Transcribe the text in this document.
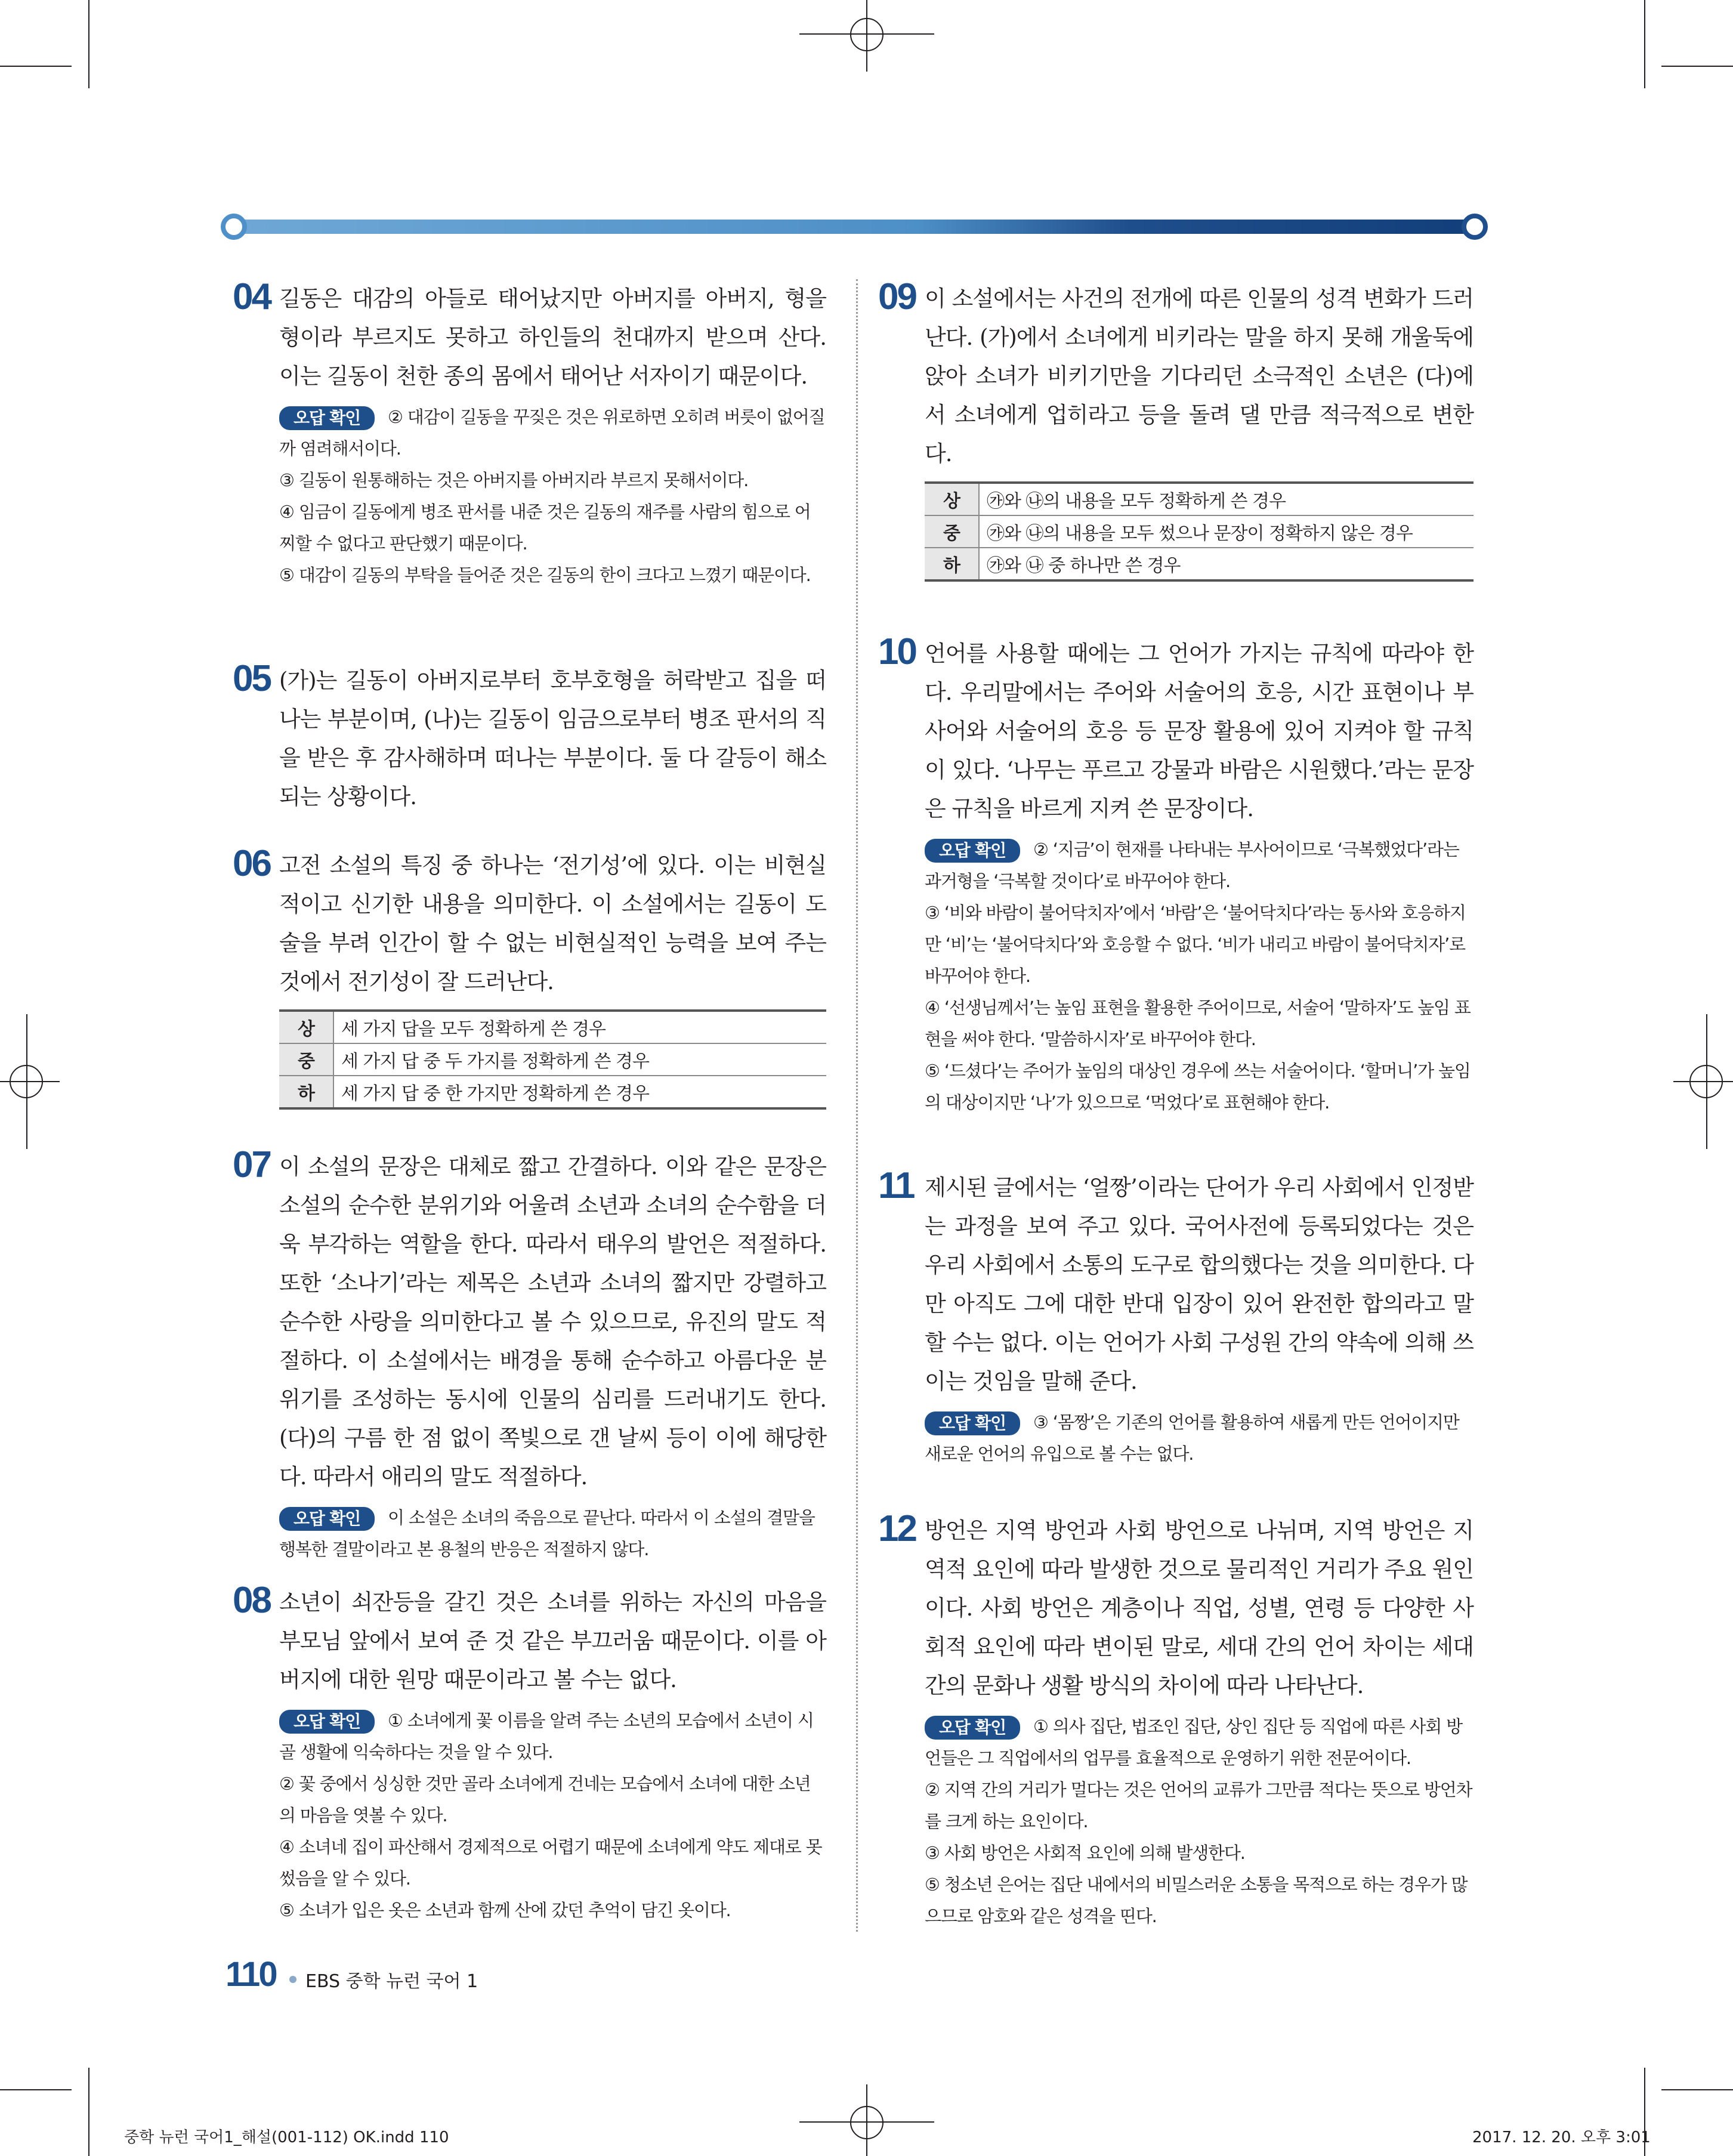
04 길동은 대감의 아들로 태어났지만 아버지를 아버지, 형을 형이라 부르지도 못하고 하인들의 천대까지 받으며 산다. 이는 길동이 천한 종의 몸에서 태어난 서자이기 때문이다.

오답 확인 ② 대감이 길동을 꾸짖은 것은 위로하면 오히려 버릇이 없어질까 염려해서이다.

③ 길동이 원통해하는 것은 아버지를 아버지라 부르지 못해서이다.

④ 임금이 길동에게 병조 판서를 내준 것은 길동의 재주를 사람의 힘으로 어찌할 수 없다고 판단했기 때문이다.

⑤ 대감이 길동의 부탁을 들어준 것은 길동의 한이 크다고 느꼈기 때문이다.

05 (가)는 길동이 아버지로부터 호부호형을 허락받고 집을 떠나는 부분이며, (나)는 길동이 임금으로부터 병조 판서의 직을 받은 후 감사해하며 떠나는 부분이다. 둘 다 갈등이 해소되는 상황이다.
06 고전 소설의 특징 중 하나는 ‘전기성’에 있다. 이는 비현실적이고 신기한 내용을 의미한다. 이 소설에서는 길동이 도술을 부려 인간이 할 수 없는 비현실적인 능력을 보여 주는 것에서 전기성이 잘 드러난다.
상	세 가지 답을 모두 정확하게 쓴 경우
중	세 가지 답 중 두 가지를 정확하게 쓴 경우
하	세 가지 답 중 한 가지만 정확하게 쓴 경우
07 이 소설의 문장은 대체로 짧고 간결하다. 이와 같은 문장은 소설의 순수한 분위기와 어울려 소년과 소녀의 순수함을 더욱 부각하는 역할을 한다. 따라서 태우의 발언은 적절하다. 또한 ‘소나기’라는 제목은 소년과 소녀의 짧지만 강렬하고 순수한 사랑을 의미한다고 볼 수 있으므로, 유진의 말도 적절하다. 이 소설에서는 배경을 통해 순수하고 아름다운 분위기를 조성하는 동시에 인물의 심리를 드러내기도 한다. (다)의 구름 한 점 없이 쪽빛으로 갠 날씨 등이 이에 해당한다. 따라서 애리의 말도 적절하다.

오답 확인 이 소설은 소녀의 죽음으로 끝난다. 따라서 이 소설의 결말을 행복한 결말이라고 본 용철의 반응은 적절하지 않다.

08 소년이 쇠잔등을 갈긴 것은 소녀를 위하는 자신의 마음을 부모님 앞에서 보여 준 것 같은 부끄러움 때문이다. 이를 아버지에 대한 원망 때문이라고 볼 수는 없다.

오답 확인 ① 소녀에게 꽃 이름을 알려 주는 소년의 모습에서 소년이 시골 생활에 익숙하다는 것을 알 수 있다.

② 꽃 중에서 싱싱한 것만 골라 소녀에게 건네는 모습에서 소녀에 대한 소년의 마음을 엿볼 수 있다.

④ 소녀네 집이 파산해서 경제적으로 어렵기 때문에 소녀에게 약도 제대로 못 썼음을 알 수 있다.

⑤ 소녀가 입은 옷은 소년과 함께 산에 갔던 추억이 담긴 옷이다.

09 이 소설에서는 사건의 전개에 따른 인물의 성격 변화가 드러난다. (가)에서 소녀에게 비키라는 말을 하지 못해 개울둑에 앉아 소녀가 비키기만을 기다리던 소극적인 소년은 (다)에서 소녀에게 업히라고 등을 돌려 댈 만큼 적극적으로 변한다.
상	㉮와 ㉯의 내용을 모두 정확하게 쓴 경우
중	㉮와 ㉯의 내용을 모두 썼으나 문장이 정확하지 않은 경우
하	㉮와 ㉯ 중 하나만 쓴 경우
10 언어를 사용할 때에는 그 언어가 가지는 규칙에 따라야 한다. 우리말에서는 주어와 서술어의 호응, 시간 표현이나 부사어와 서술어의 호응 등 문장 활용에 있어 지켜야 할 규칙이 있다. ‘나무는 푸르고 강물과 바람은 시원했다.’라는 문장은 규칙을 바르게 지켜 쓴 문장이다.

오답 확인 ② ‘지금’이 현재를 나타내는 부사어이므로 ‘극복했었다’라는 과거형을 ‘극복할 것이다’로 바꾸어야 한다.

③ ‘비와 바람이 불어닥치자’에서 ‘바람’은 ‘불어닥치다’라는 동사와 호응하지만 ‘비’는 ‘불어닥치다’와 호응할 수 없다. ‘비가 내리고 바람이 불어닥치자’로 바꾸어야 한다.

④ ‘선생님께서’는 높임 표현을 활용한 주어이므로, 서술어 ‘말하자’도 높임 표현을 써야 한다. ‘말씀하시자’로 바꾸어야 한다.

⑤ ‘드셨다’는 주어가 높임의 대상인 경우에 쓰는 서술어이다. ‘할머니’가 높임의 대상이지만 ‘나’가 있으므로 ‘먹었다’로 표현해야 한다.

11 제시된 글에서는 ‘얼짱’이라는 단어가 우리 사회에서 인정받는 과정을 보여 주고 있다. 국어사전에 등록되었다는 것은 우리 사회에서 소통의 도구로 합의했다는 것을 의미한다. 다만 아직도 그에 대한 반대 입장이 있어 완전한 합의라고 말할 수는 없다. 이는 언어가 사회 구성원 간의 약속에 의해 쓰이는 것임을 말해 준다.

오답 확인 ③ ‘몸짱’은 기존의 언어를 활용하여 새롭게 만든 언어이지만 새로운 언어의 유입으로 볼 수는 없다.

12 방언은 지역 방언과 사회 방언으로 나뉘며, 지역 방언은 지역적 요인에 따라 발생한 것으로 물리적인 거리가 주요 원인이다. 사회 방언은 계층이나 직업, 성별, 연령 등 다양한 사회적 요인에 따라 변이된 말로, 세대 간의 언어 차이는 세대 간의 문화나 생활 방식의 차이에 따라 나타난다.

오답 확인 ① 의사 집단, 법조인 집단, 상인 집단 등 직업에 따른 사회 방언들은 그 직업에서의 업무를 효율적으로 운영하기 위한 전문어이다.

② 지역 간의 거리가 멀다는 것은 언어의 교류가 그만큼 적다는 뜻으로 방언차를 크게 하는 요인이다.

③ 사회 방언은 사회적 요인에 의해 발생한다.

⑤ 청소년 은어는 집단 내에서의 비밀스러운 소통을 목적으로 하는 경우가 많으므로 암호와 같은 성격을 띤다.

110 EBS 중학 뉴런 국어 1
중학 뉴런 국어1_해설(001-112) OK.indd 110	2017. 12. 20. 오후 3:01
